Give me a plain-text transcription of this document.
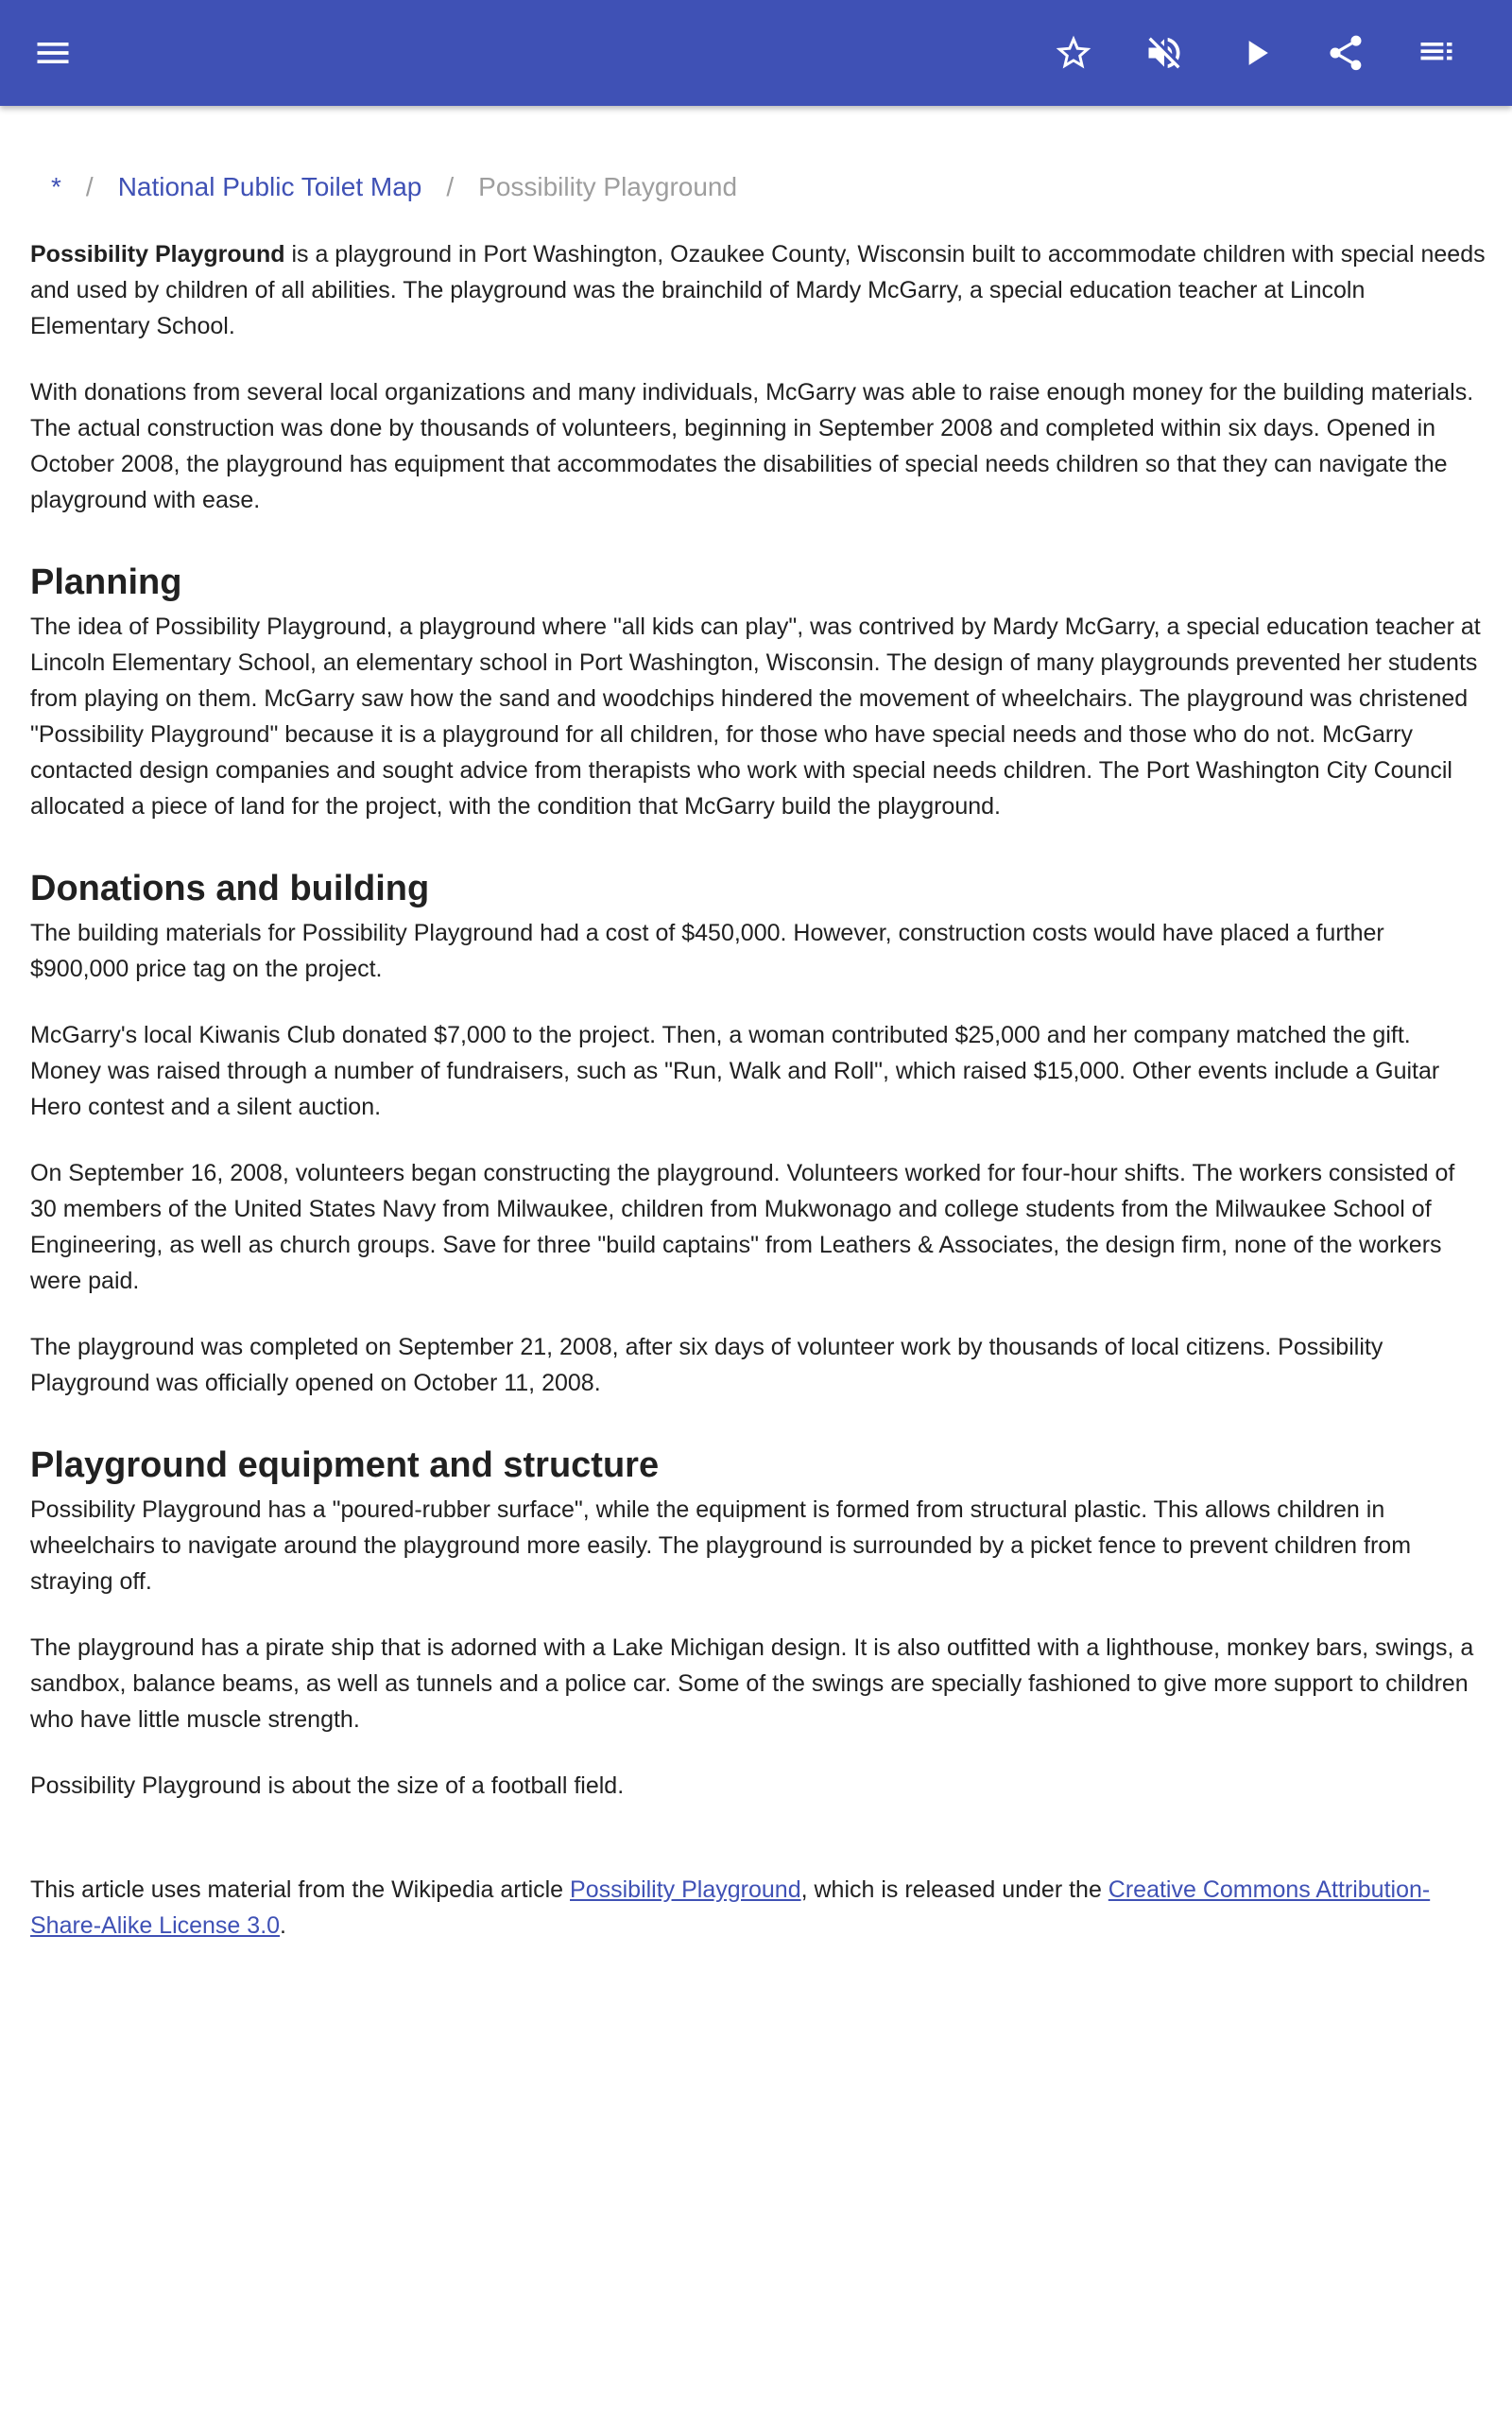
* / National Public Toilet Map / Possibility Playground

Possibility Playground is a playground in Port Washington, Ozaukee County, Wisconsin built to accommodate children with special needs and used by children of all abilities. The playground was the brainchild of Mardy McGarry, a special education teacher at Lincoln Elementary School.

With donations from several local organizations and many individuals, McGarry was able to raise enough money for the building materials. The actual construction was done by thousands of volunteers, beginning in September 2008 and completed within six days. Opened in October 2008, the playground has equipment that accommodates the disabilities of special needs children so that they can navigate the playground with ease.

Planning

The idea of Possibility Playground, a playground where "all kids can play", was contrived by Mardy McGarry, a special education teacher at Lincoln Elementary School, an elementary school in Port Washington, Wisconsin. The design of many playgrounds prevented her students from playing on them. McGarry saw how the sand and woodchips hindered the movement of wheelchairs. The playground was christened "Possibility Playground" because it is a playground for all children, for those who have special needs and those who do not. McGarry contacted design companies and sought advice from therapists who work with special needs children. The Port Washington City Council allocated a piece of land for the project, with the condition that McGarry build the playground.

Donations and building

The building materials for Possibility Playground had a cost of $450,000. However, construction costs would have placed a further $900,000 price tag on the project.

McGarry's local Kiwanis Club donated $7,000 to the project. Then, a woman contributed $25,000 and her company matched the gift. Money was raised through a number of fundraisers, such as "Run, Walk and Roll", which raised $15,000. Other events include a Guitar Hero contest and a silent auction.

On September 16, 2008, volunteers began constructing the playground. Volunteers worked for four-hour shifts. The workers consisted of 30 members of the United States Navy from Milwaukee, children from Mukwonago and college students from the Milwaukee School of Engineering, as well as church groups. Save for three "build captains" from Leathers & Associates, the design firm, none of the workers were paid.

The playground was completed on September 21, 2008, after six days of volunteer work by thousands of local citizens. Possibility Playground was officially opened on October 11, 2008.

Playground equipment and structure

Possibility Playground has a "poured-rubber surface", while the equipment is formed from structural plastic. This allows children in wheelchairs to navigate around the playground more easily. The playground is surrounded by a picket fence to prevent children from straying off.

The playground has a pirate ship that is adorned with a Lake Michigan design. It is also outfitted with a lighthouse, monkey bars, swings, a sandbox, balance beams, as well as tunnels and a police car. Some of the swings are specially fashioned to give more support to children who have little muscle strength.

Possibility Playground is about the size of a football field.

This article uses material from the Wikipedia article Possibility Playground, which is released under the Creative Commons Attribution-Share-Alike License 3.0.
